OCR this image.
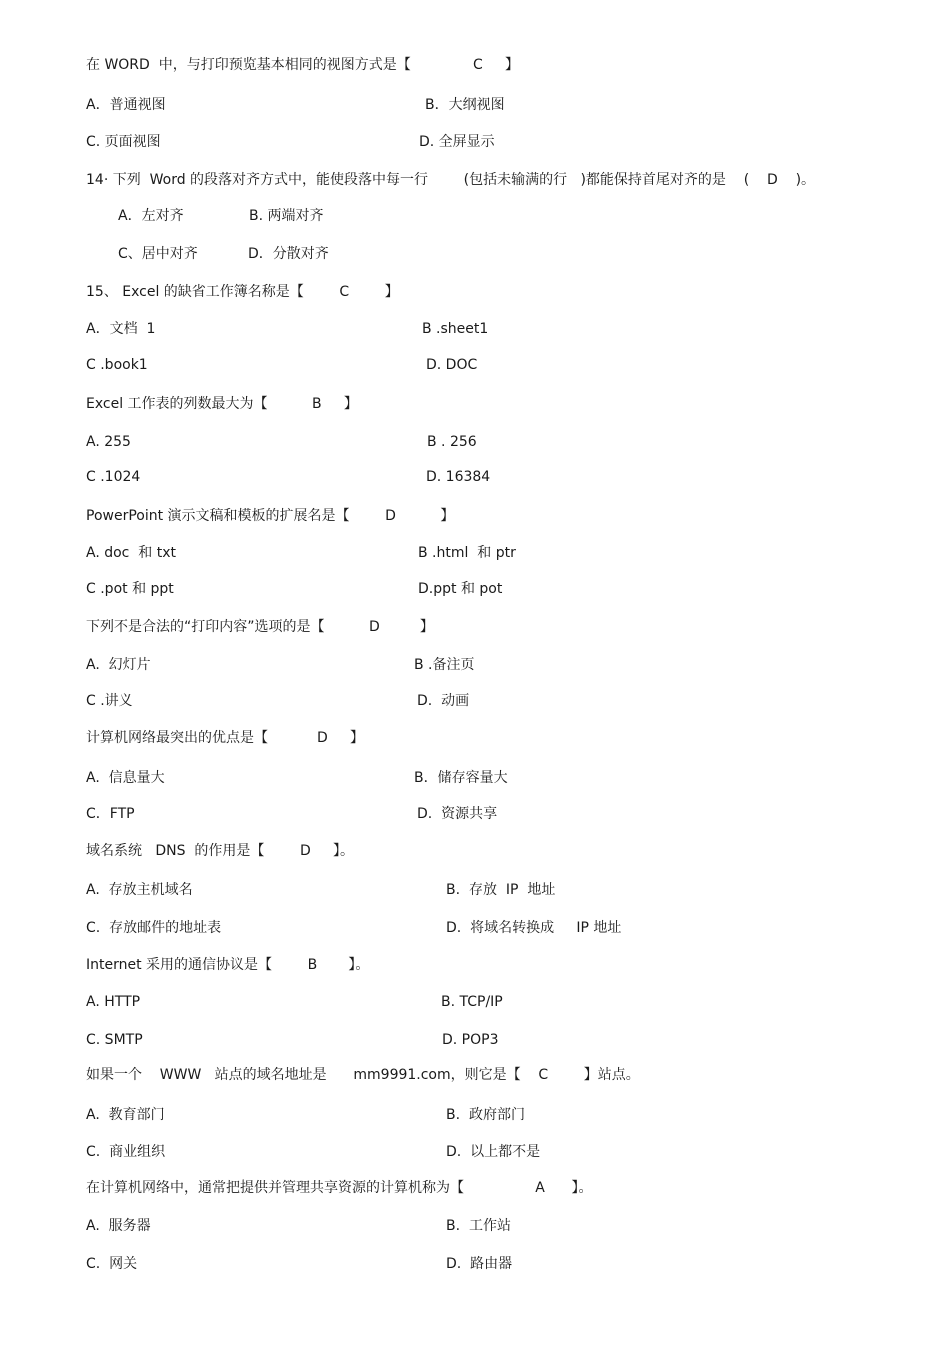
在 WORD  中，与打印预览基本相同的视图方式是【              C     】
A．普通视图	B．大纲视图
C. 页面视图	D. 全屏显示
14· 下列  Word 的段落对齐方式中，能使段落中每一行        (包括未输满的行   )都能保持首尾对齐的是    (    D    )。
A．左对齐	B. 两端对齐
C、居中对齐	D．分散对齐
15、 Excel 的缺省工作簿名称是【        C        】
A．文档  1	B .sheet1
C .book1	D. DOC
Excel 工作表的列数最大为【          B     】
A. 255	B . 256
C .1024	D. 16384
PowerPoint 演示文稿和模板的扩展名是【        D          】
A. doc  和 txt	B .html  和 ptr
C .pot 和 ppt	D.ppt 和 pot
下列不是合法的“打印内容”选项的是【          D         】
A.  幻灯片	B .备注页
C .讲义	D.  动画
计算机网络最突出的优点是【           D     】
A.  信息量大	B．储存容量大
C．FTP	D.  资源共享
域名系统   DNS  的作用是【        D     】。
A.  存放主机域名	B.  存放  IP  地址
C.  存放邮件的地址表	D.  将域名转换成     IP 地址
Internet 采用的通信协议是【        B       】。
A. HTTP	B. TCP/IP
C. SMTP	D. POP3
如果一个    WWW   站点的域名地址是      mm9991.com，则它是【    C        】站点。
A.  教育部门	B.  政府部门
C.  商业组织	D.  以上都不是
在计算机网络中，通常把提供并管理共享资源的计算机称为【                A      】。
A.  服务器	B.  工作站
C.  网关	D.  路由器
